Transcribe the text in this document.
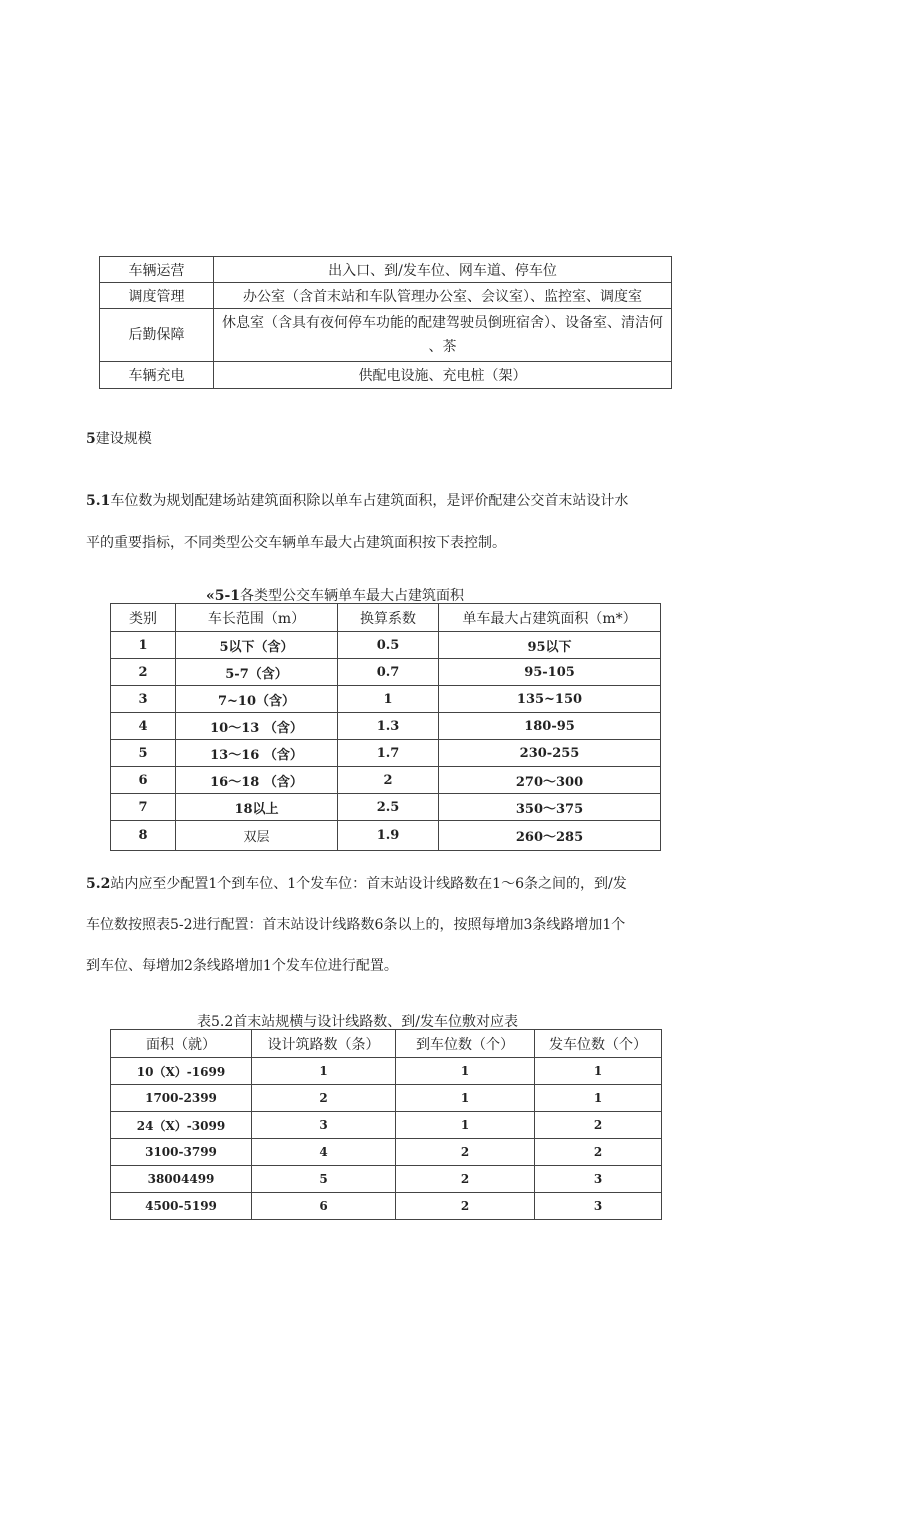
车辆运营	出入口、到/发车位、网车道、停车位
调度管理	办公室（含首末站和车队管理办公室、会议室）、监控室、调度室
后勤保障	休息室（含具有夜何停车功能的配建驾驶员倒班宿舍）、设备室、清洁何
、茶

车辆充电	供配电设施、充电桩（架）
5建设规模
5.1车位数为规划配建场站建筑面积除以单车占建筑面积，是评价配建公交首末站设计水
平的重要指标，不同类型公交车辆单车最大占建筑面积按下表控制。
«5-1各类型公交车辆单车最大占建筑面积
类别	车长范围（m）	换算系数	单车最大占建筑面积（m*）
1	5以下（含）	0.5	95以下
2	5-7（含）	0.7	95-105
3	7~10（含）	1	135~150
4	10～13 （含）	1.3	180-95
5	13～16 （含）	1.7	230-255
6	16～18 （含）	2	270～300
7	18以上	2.5	350～375
8	双层	1.9	260～285
5.2站内应至少配置1个到车位、1个发车位：首末站设计线路数在1～6条之间的，到/发
车位数按照表5-2进行配置：首末站设计线路数6条以上的，按照每增加3条线路增加1个
到车位、每增加2条线路增加1个发车位进行配置。
表5.2首末站规横与设计线路数、到/发车位敷对应表
面积（就）	设计筑路数（条）	到车位数（个）	发车位数（个）
10（X）-1699	1	1	1
1700-2399	2	1	1
24（X）-3099	3	1	2
3100-3799	4	2	2
38004499	5	2	3
4500-5199	6	2	3
